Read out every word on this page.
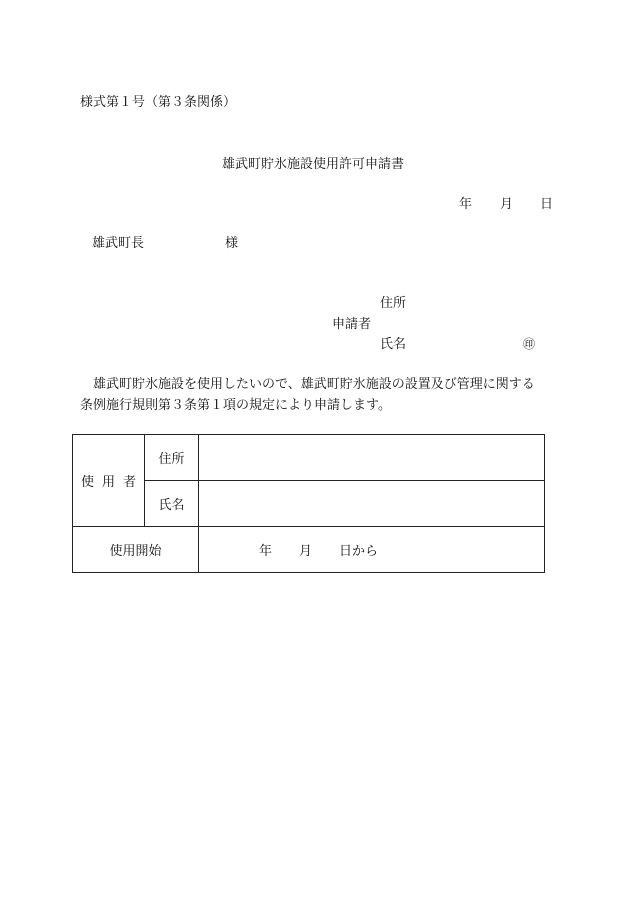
様式第１号（第３条関係）
雄武町貯氷施設使用許可申請書
年 月 日
雄武町長	様
住所
申請者
氏名	㊞
雄武町貯氷施設を使用したいので、雄武町貯氷施設の設置及び管理に関する
条例施行規則第３条第１項の規定により申請します。
使用者	住所	
	氏名	
使用開始		年 月 日から
